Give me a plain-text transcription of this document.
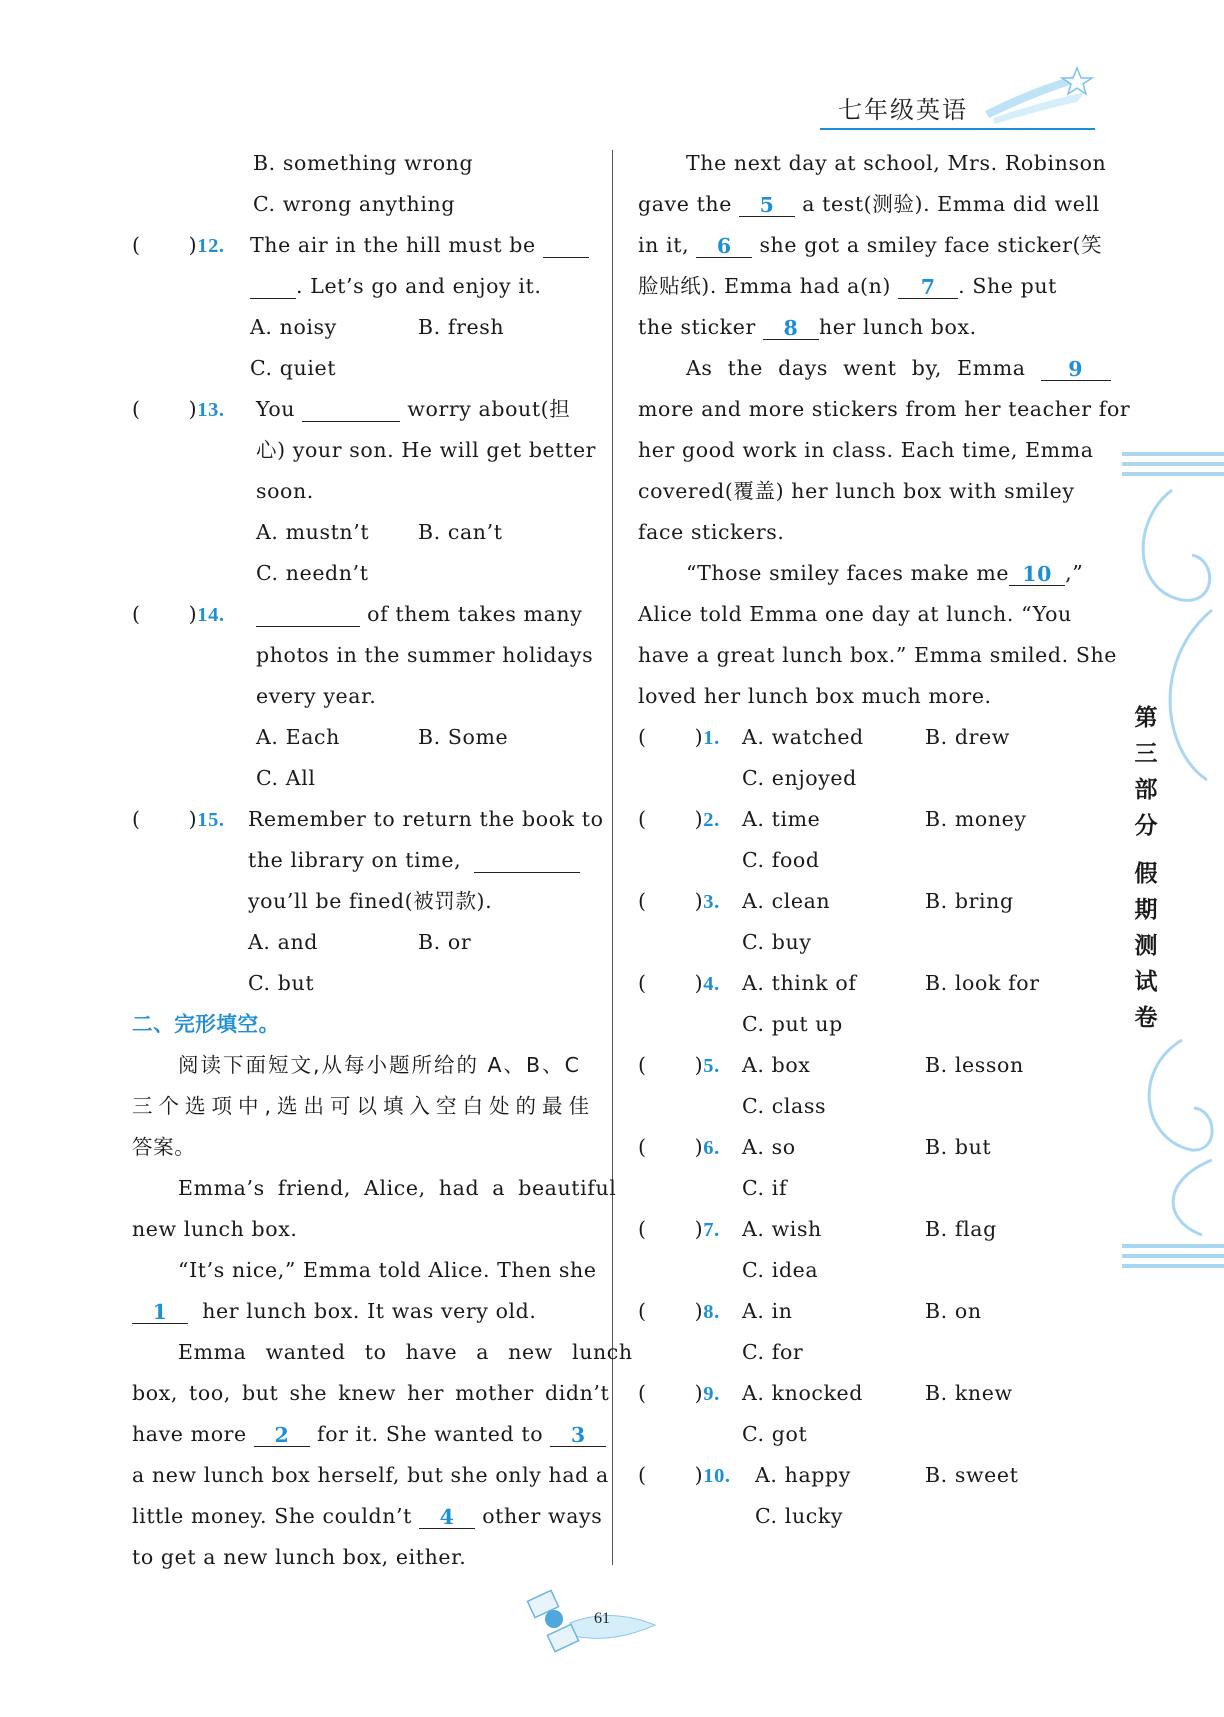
七年级英语
第
三
部
分
假
期
测
试
卷
B. something wrong
C. wrong anything
( )12. The air in the hill must be
. Let’s go and enjoy it.
A. noisy	B. fresh
C. quiet
( )13. You	worry about(担
心) your son. He will get better
soon.
A. mustn’t B. can’t
C. needn’t
( )14.	of them takes many
photos in the summer holidays
every year.
A. Each	B. Some
C. All
( )15. Remember to return the book to
the library on time,
you’ll be fined(被罚款).
A. and	B. or
C. but
二、完形填空。
阅读下面短文,从每小题所给的 A、B、C
三个选项中,选出可以填入空白处的最佳
答案。
Emma’s friend, Alice, had a beautiful
new lunch box.
“It’s nice,” Emma told Alice. Then she
1 her lunch box. It was very old.
Emma wanted to have a new lunch
box, too, but she knew her mother didn’t
have more 2 for it. She wanted to 3
a new lunch box herself, but she only had a
little money. She couldn’t 4 other ways
to get a new lunch box, either.
The next day at school, Mrs. Robinson
gave the 5 a test(测验). Emma did well
in it, 6 she got a smiley face sticker(笑
脸贴纸). Emma had a(n) 7 . She put
the sticker 8 her lunch box.
As the days went by, Emma 9
more and more stickers from her teacher for
her good work in class. Each time, Emma
covered(覆盖) her lunch box with smiley
face stickers.
“Those smiley faces make me 10 ,”
Alice told Emma one day at lunch. “You
have a great lunch box.” Emma smiled. She
loved her lunch box much more.
( )1. A. watched	B. drew
C. enjoyed
( )2. A. time	B. money
C. food
( )3. A. clean	B. bring
C. buy
( )4. A. think of	B. look for
C. put up
( )5. A. box	B. lesson
C. class
( )6. A. so	B. but
C. if
( )7. A. wish	B. flag
C. idea
( )8. A. in	B. on
C. for
( )9. A. knocked	B. knew
C. got
( )10. A. happy	B. sweet
C. lucky
61
